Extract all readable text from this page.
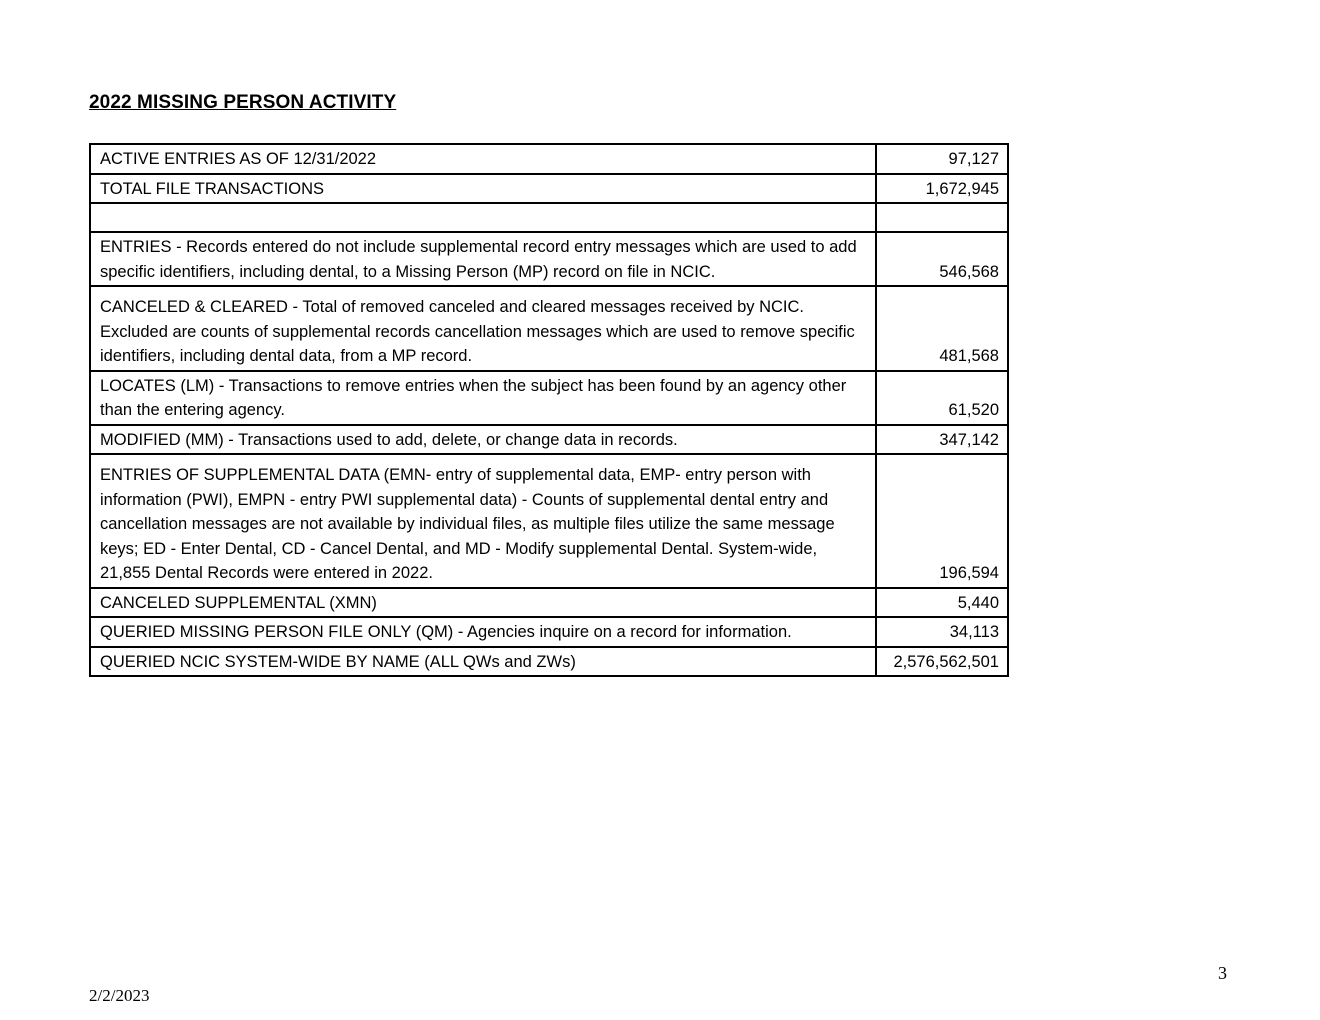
2022 MISSING PERSON ACTIVITY
ACTIVE ENTRIES AS OF 12/31/2022	97,127
TOTAL FILE TRANSACTIONS	1,672,945

ENTRIES - Records entered do not include supplemental record entry messages which are used to add specific identifiers, including dental, to a Missing Person (MP) record on file in NCIC.	546,568
CANCELED & CLEARED - Total of removed canceled and cleared messages received by NCIC. Excluded are counts of supplemental records cancellation messages which are used to remove specific identifiers, including dental data, from a MP record.	481,568
LOCATES (LM) - Transactions to remove entries when the subject has been found by an agency other than the entering agency.	61,520
MODIFIED (MM) - Transactions used to add, delete, or change data in records.	347,142
ENTRIES OF SUPPLEMENTAL DATA (EMN- entry of supplemental data, EMP- entry person with information (PWI), EMPN - entry PWI supplemental data) - Counts of supplemental dental entry and cancellation messages are not available by individual files, as multiple files utilize the same message keys; ED - Enter Dental, CD - Cancel Dental, and MD - Modify supplemental Dental. System-wide, 21,855 Dental Records were entered in 2022.	196,594
CANCELED SUPPLEMENTAL (XMN)	5,440
QUERIED MISSING PERSON FILE ONLY (QM) - Agencies inquire on a record for information.	34,113
QUERIED NCIC SYSTEM-WIDE BY NAME (ALL QWs and ZWs)	2,576,562,501
3
2/2/2023
